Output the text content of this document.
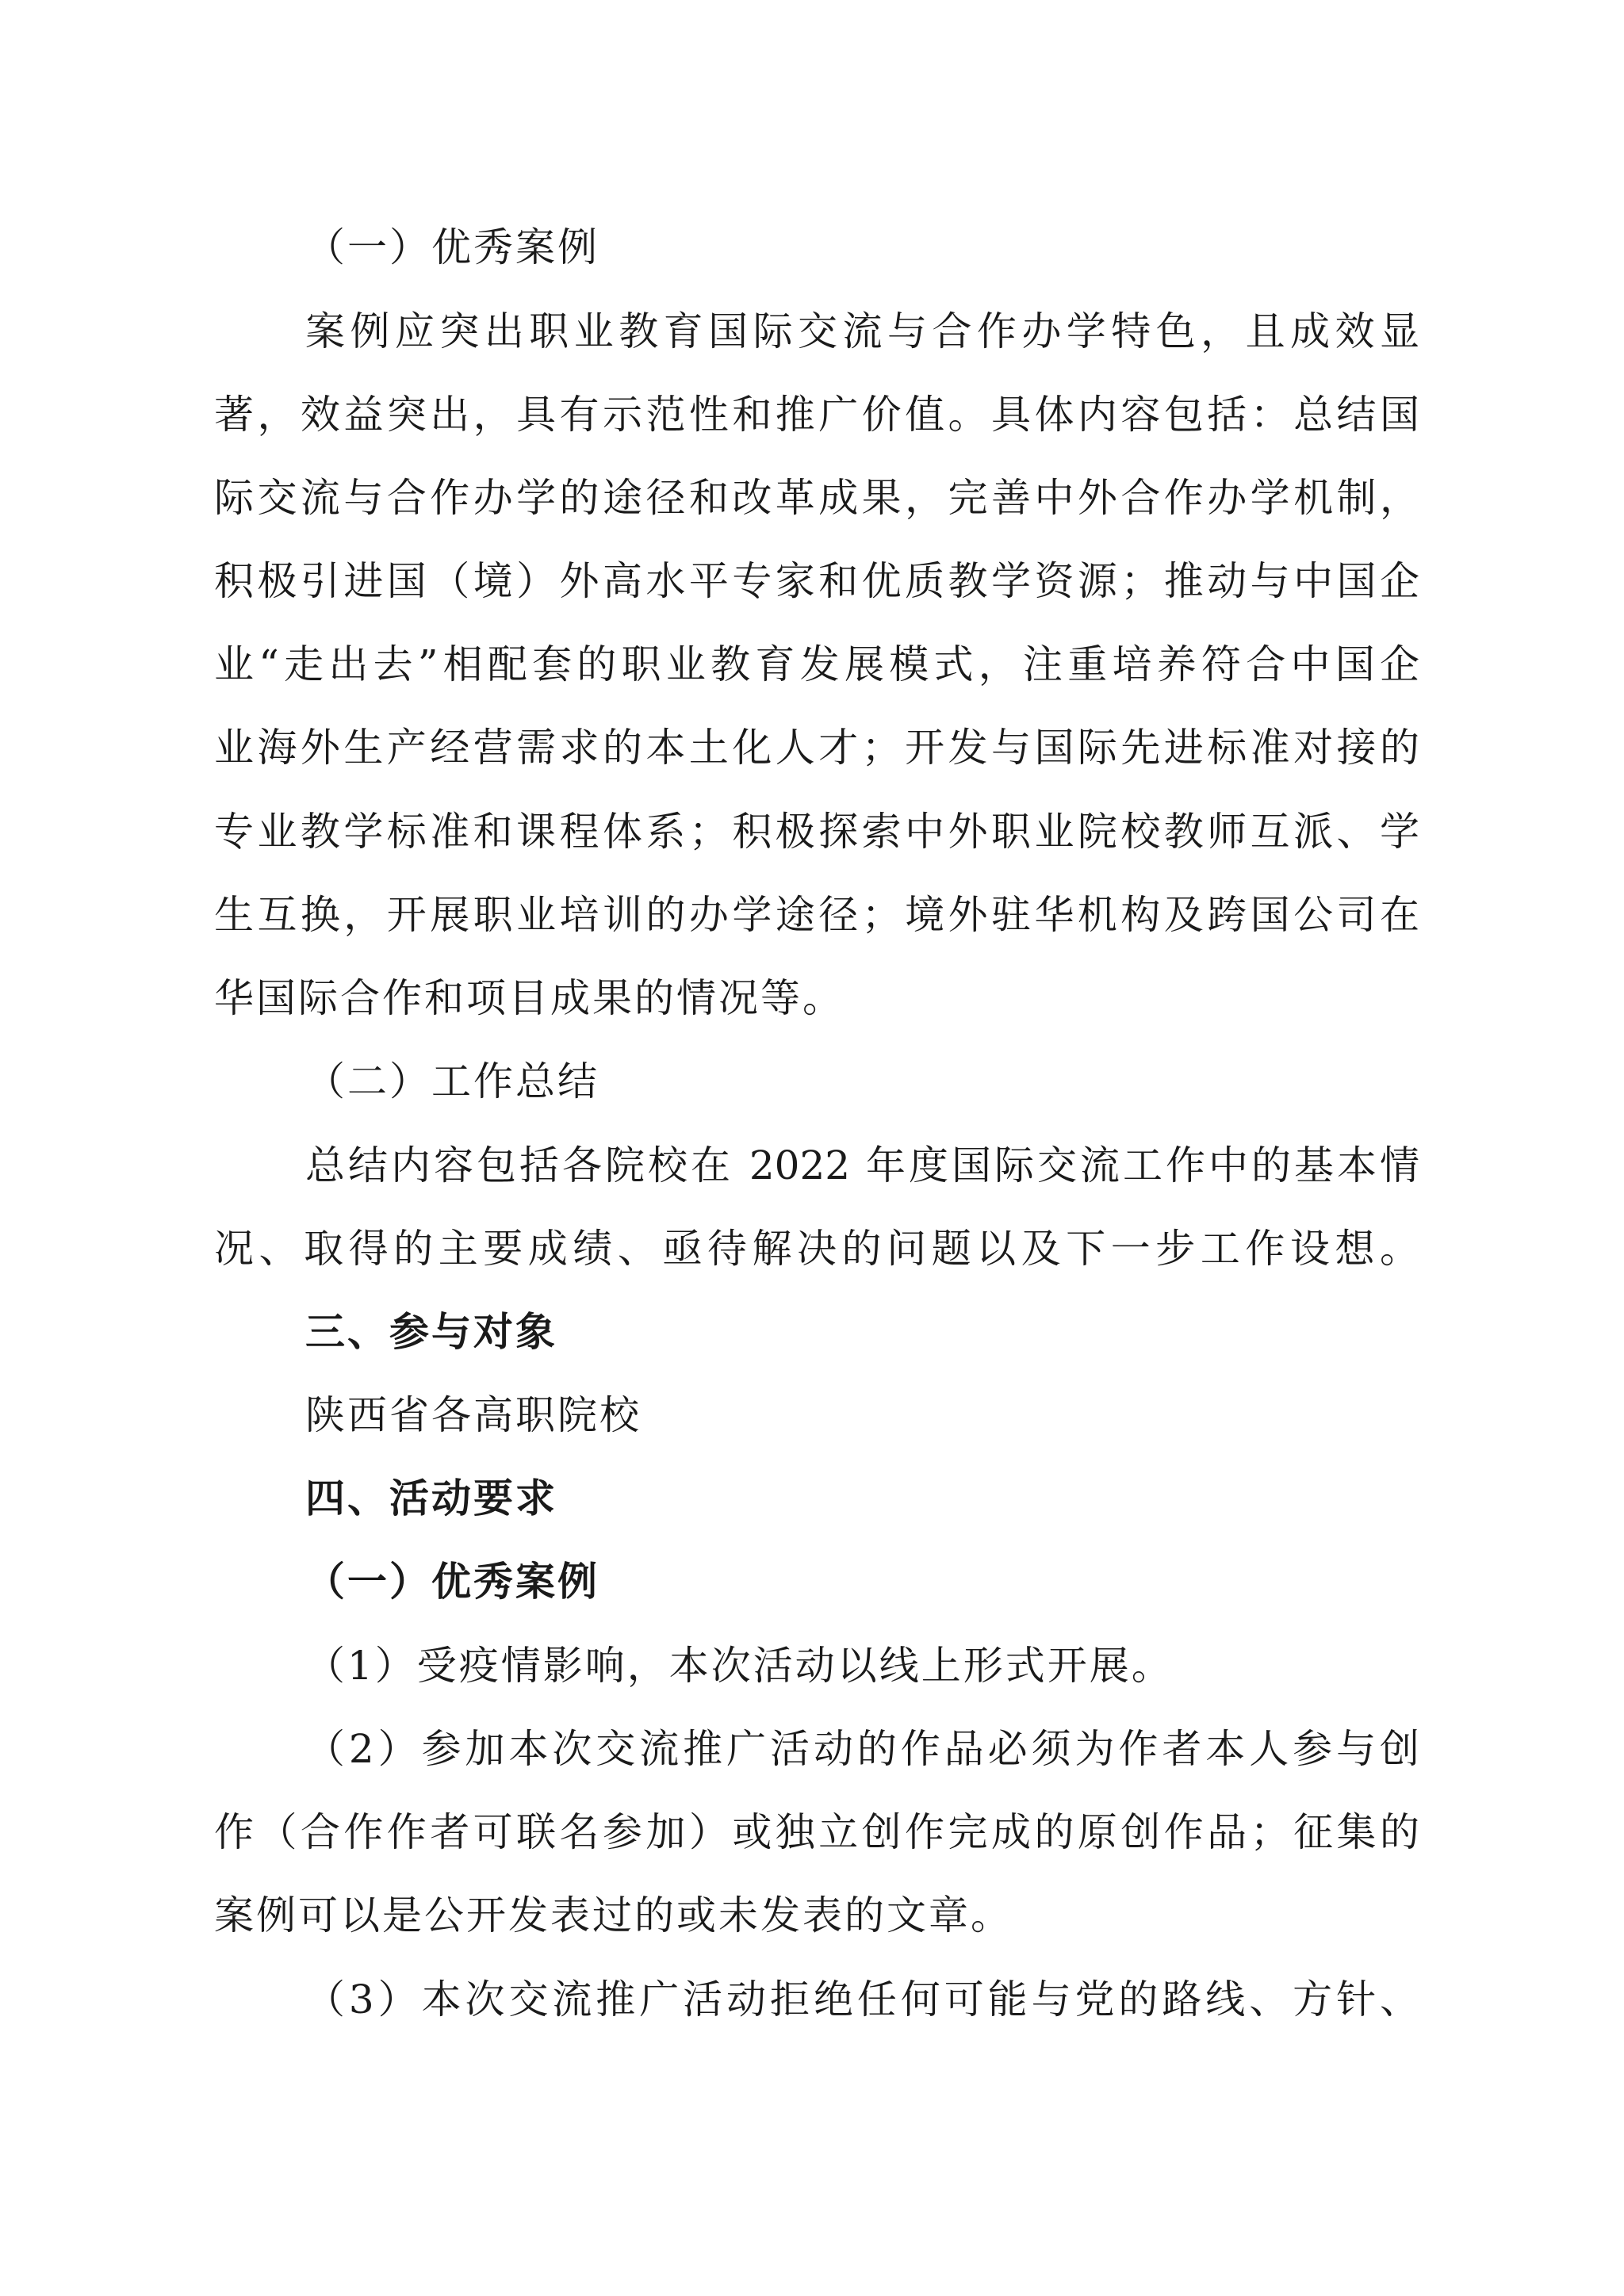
（一）优秀案例
案例应突出职业教育国际交流与合作办学特色，且成效显
著，效益突出，具有示范性和推广价值。具体内容包括：总结国
际交流与合作办学的途径和改革成果，完善中外合作办学机制，
积极引进国（境）外高水平专家和优质教学资源；推动与中国企
业“走出去”相配套的职业教育发展模式，注重培养符合中国企
业海外生产经营需求的本土化人才；开发与国际先进标准对接的
专业教学标准和课程体系；积极探索中外职业院校教师互派、学
生互换，开展职业培训的办学途径；境外驻华机构及跨国公司在
华国际合作和项目成果的情况等。
（二）工作总结
总结内容包括各院校在 2022 年度国际交流工作中的基本情
况、取得的主要成绩、亟待解决的问题以及下一步工作设想。
三、参与对象
陕西省各高职院校
四、活动要求
（一）优秀案例
（1）受疫情影响，本次活动以线上形式开展。
（2）参加本次交流推广活动的作品必须为作者本人参与创
作（合作作者可联名参加）或独立创作完成的原创作品；征集的
案例可以是公开发表过的或未发表的文章。
（3）本次交流推广活动拒绝任何可能与党的路线、方针、
